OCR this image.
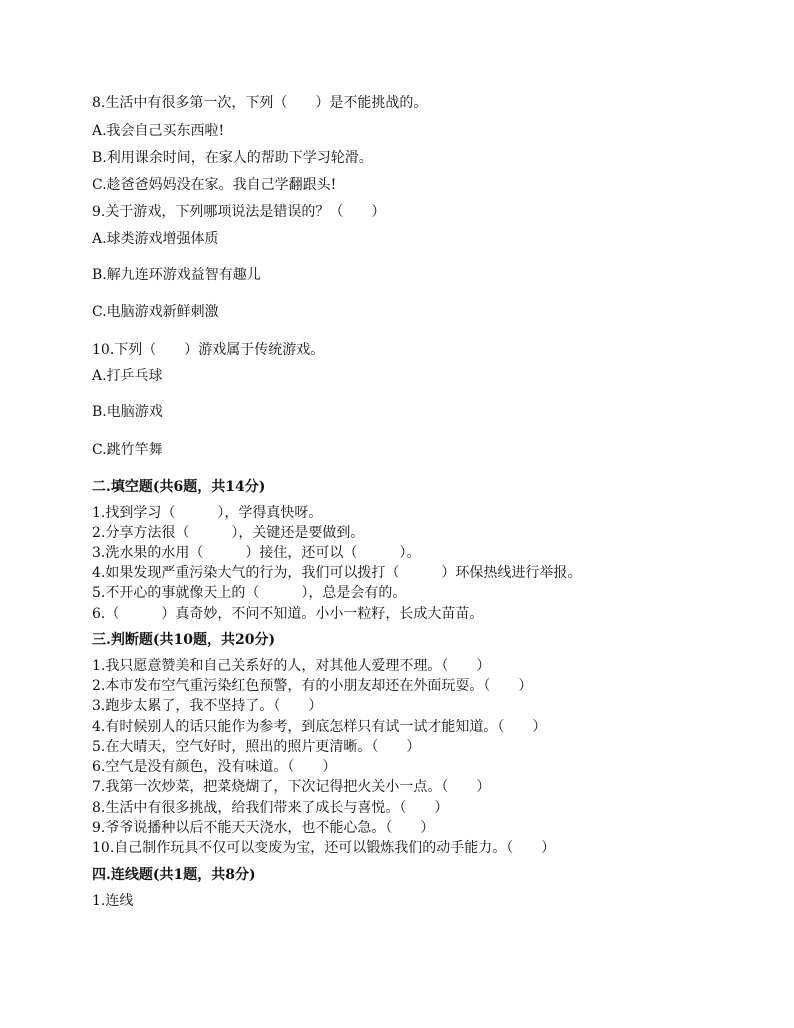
8.生活中有很多第一次，下列（　　）是不能挑战的。
A.我会自己买东西啦!
B.利用课余时间，在家人的帮助下学习轮滑。
C.趁爸爸妈妈没在家。我自己学翻跟头!
9.关于游戏，下列哪项说法是错误的？（　　）
A.球类游戏增强体质
B.解九连环游戏益智有趣儿
C.电脑游戏新鲜刺激
10.下列（　　）游戏属于传统游戏。
A.打乒乓球
B.电脑游戏
C.跳竹竿舞
二.填空题(共6题，共14分)
1.找到学习（　　　），学得真快呀。
2.分享方法很（　　　），关键还是要做到。
3.洗水果的水用（　　　）接住，还可以（　　　）。
4.如果发现严重污染大气的行为，我们可以拨打（　　　）环保热线进行举报。
5.不开心的事就像天上的（　　　），总是会有的。
6.（　　　）真奇妙，不问不知道。小小一粒籽，长成大苗苗。
三.判断题(共10题，共20分)
1.我只愿意赞美和自己关系好的人，对其他人爱理不理。（　　）
2.本市发布空气重污染红色预警，有的小朋友却还在外面玩耍。（　　）
3.跑步太累了，我不坚持了。（　　）
4.有时候别人的话只能作为参考，到底怎样只有试一试才能知道。（　　）
5.在大晴天，空气好时，照出的照片更清晰。（　　）
6.空气是没有颜色，没有味道。（　　）
7.我第一次炒菜，把菜烧煳了，下次记得把火关小一点。（　　）
8.生活中有很多挑战，给我们带来了成长与喜悦。（　　）
9.爷爷说播种以后不能天天浇水，也不能心急。（　　）
10.自己制作玩具不仅可以变废为宝，还可以锻炼我们的动手能力。（　　）
四.连线题(共1题，共8分)
1.连线
